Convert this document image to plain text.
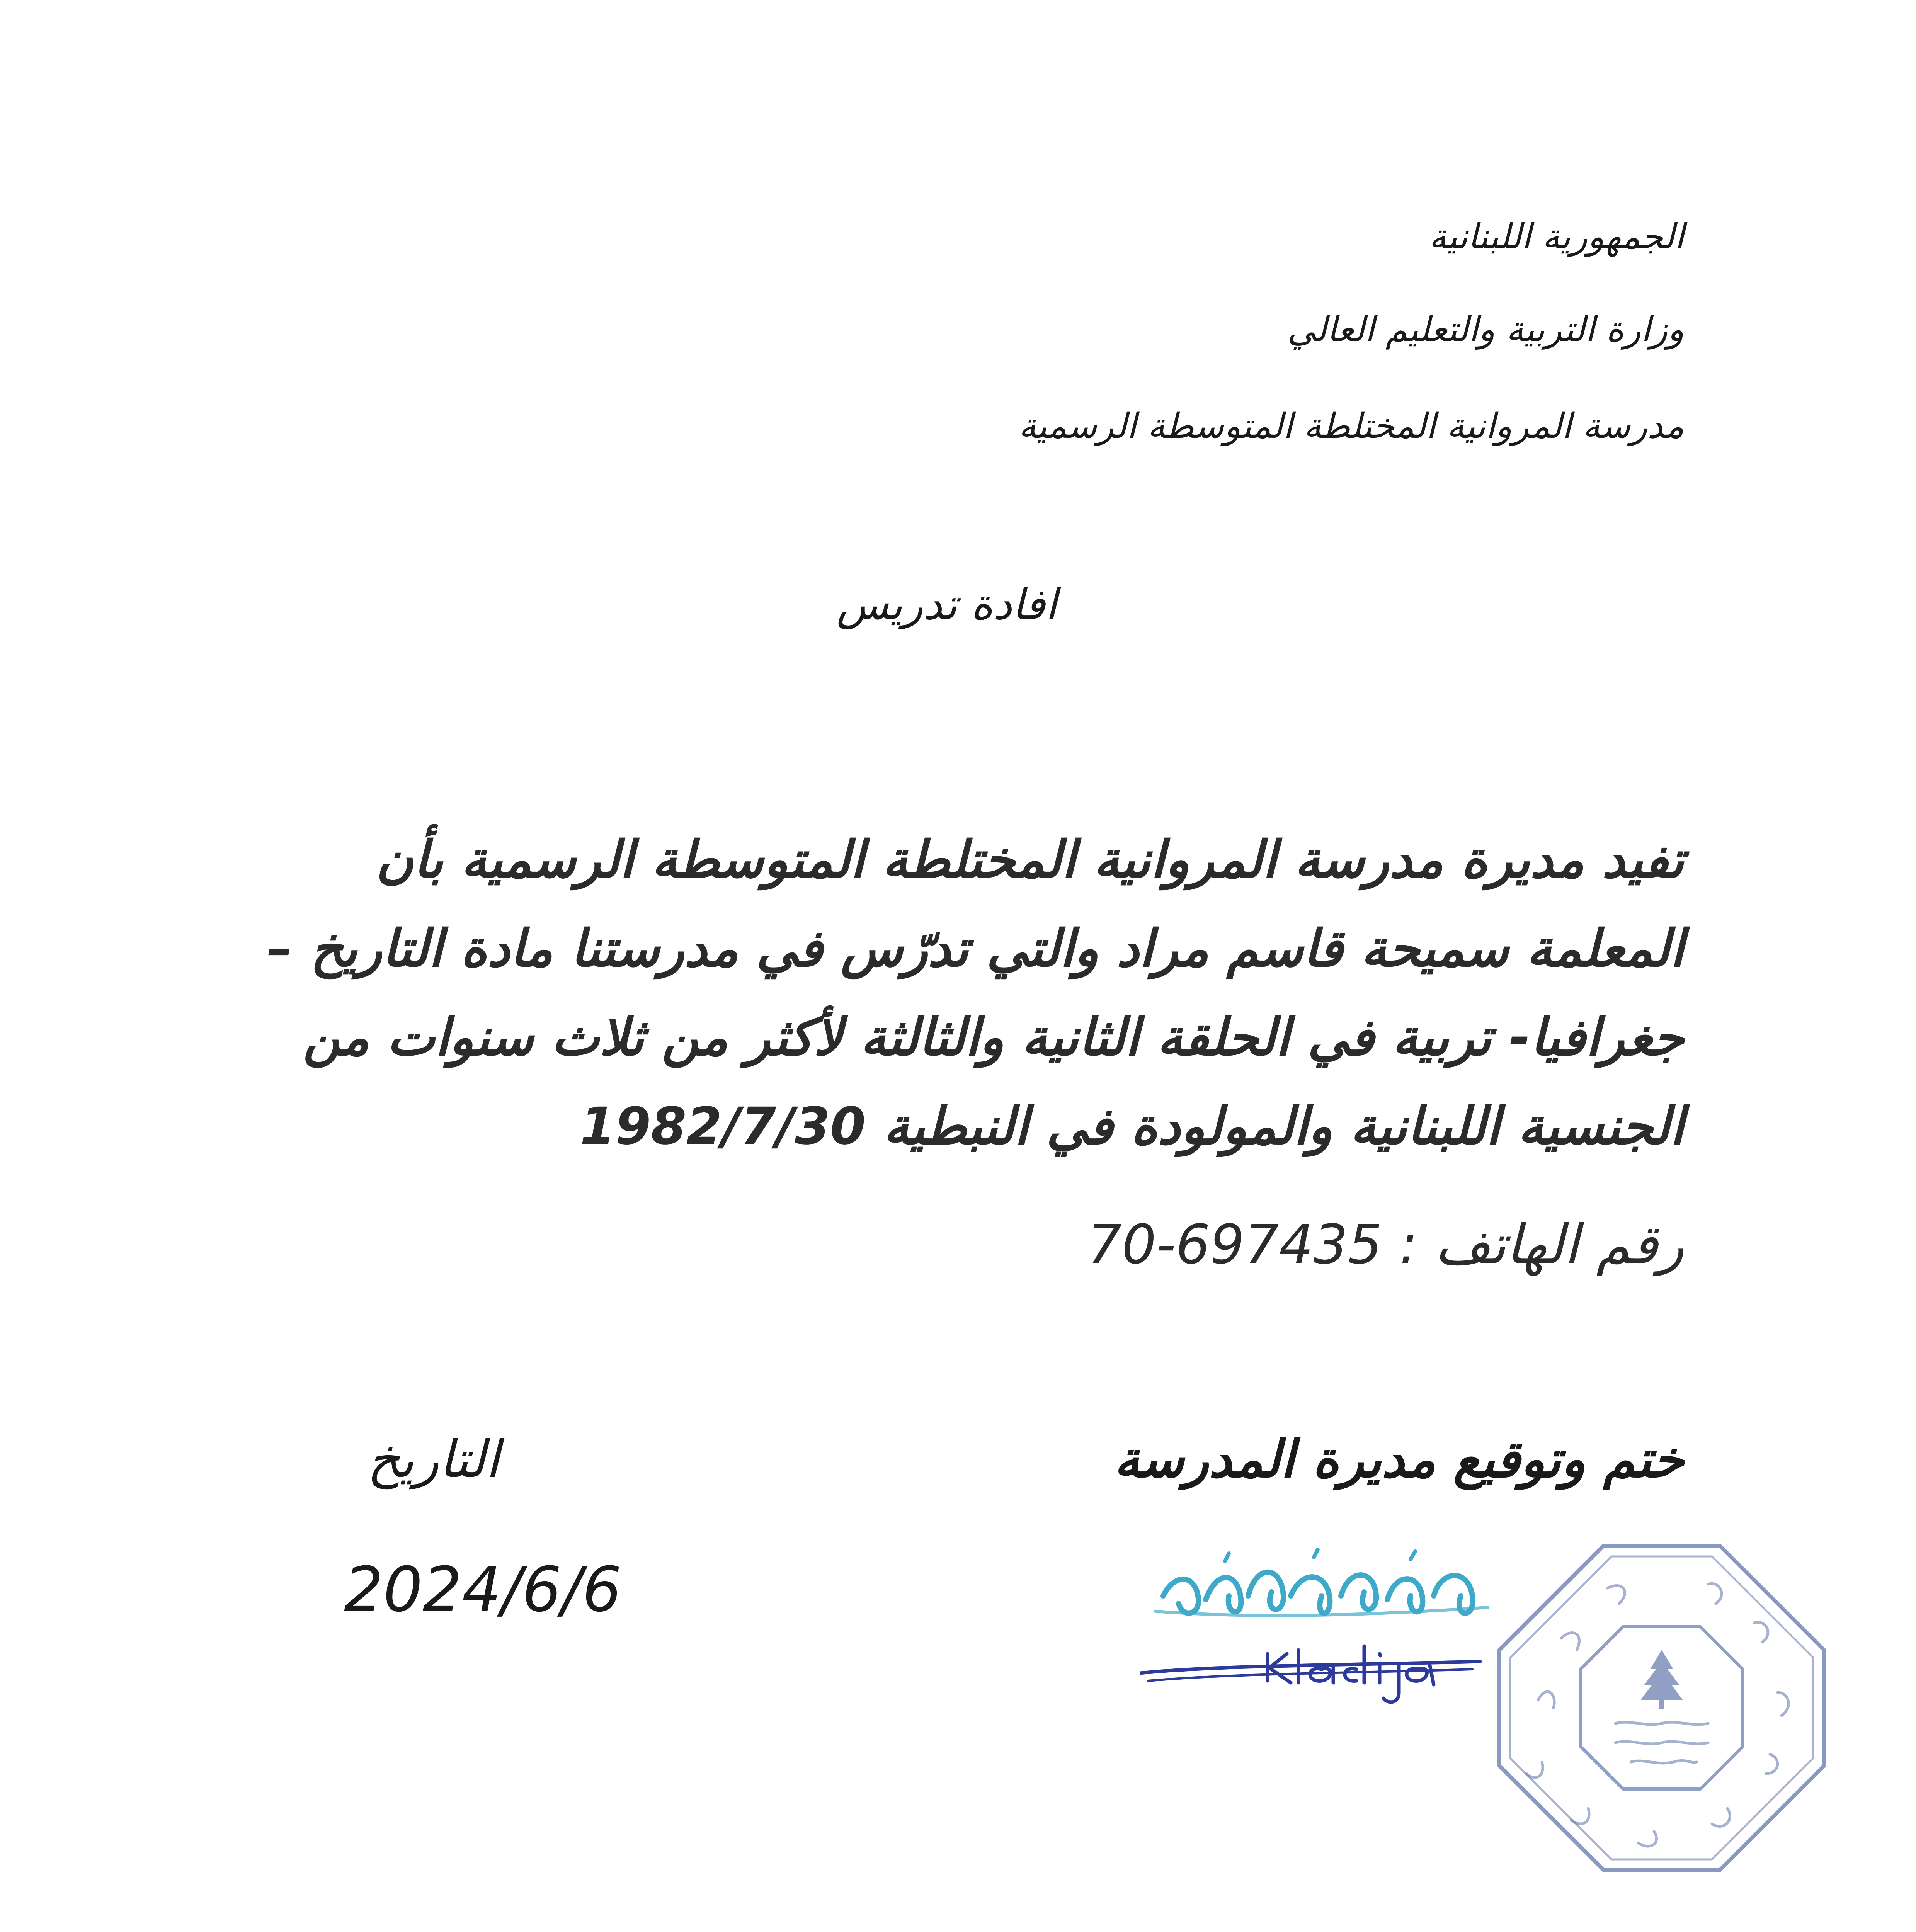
الجمهورية اللبنانية
وزارة التربية والتعليم العالي
مدرسة المروانية المختلطة المتوسطة الرسمية
افادة تدريس
تفيد مديرة مدرسة المروانية المختلطة المتوسطة الرسمية بأن
المعلمة سميحة قاسم مراد والتي تدرّس في مدرستنا مادة التاريخ –
جغرافيا- تربية في الحلقة الثانية والثالثة لأكثر من ثلاث سنوات من
الجنسية اللبنانية والمولودة في النبطية 1982/7/30
رقم الهاتف : 70-697435
ختم وتوقيع مديرة المدرسة
التاريخ
2024/6/6
